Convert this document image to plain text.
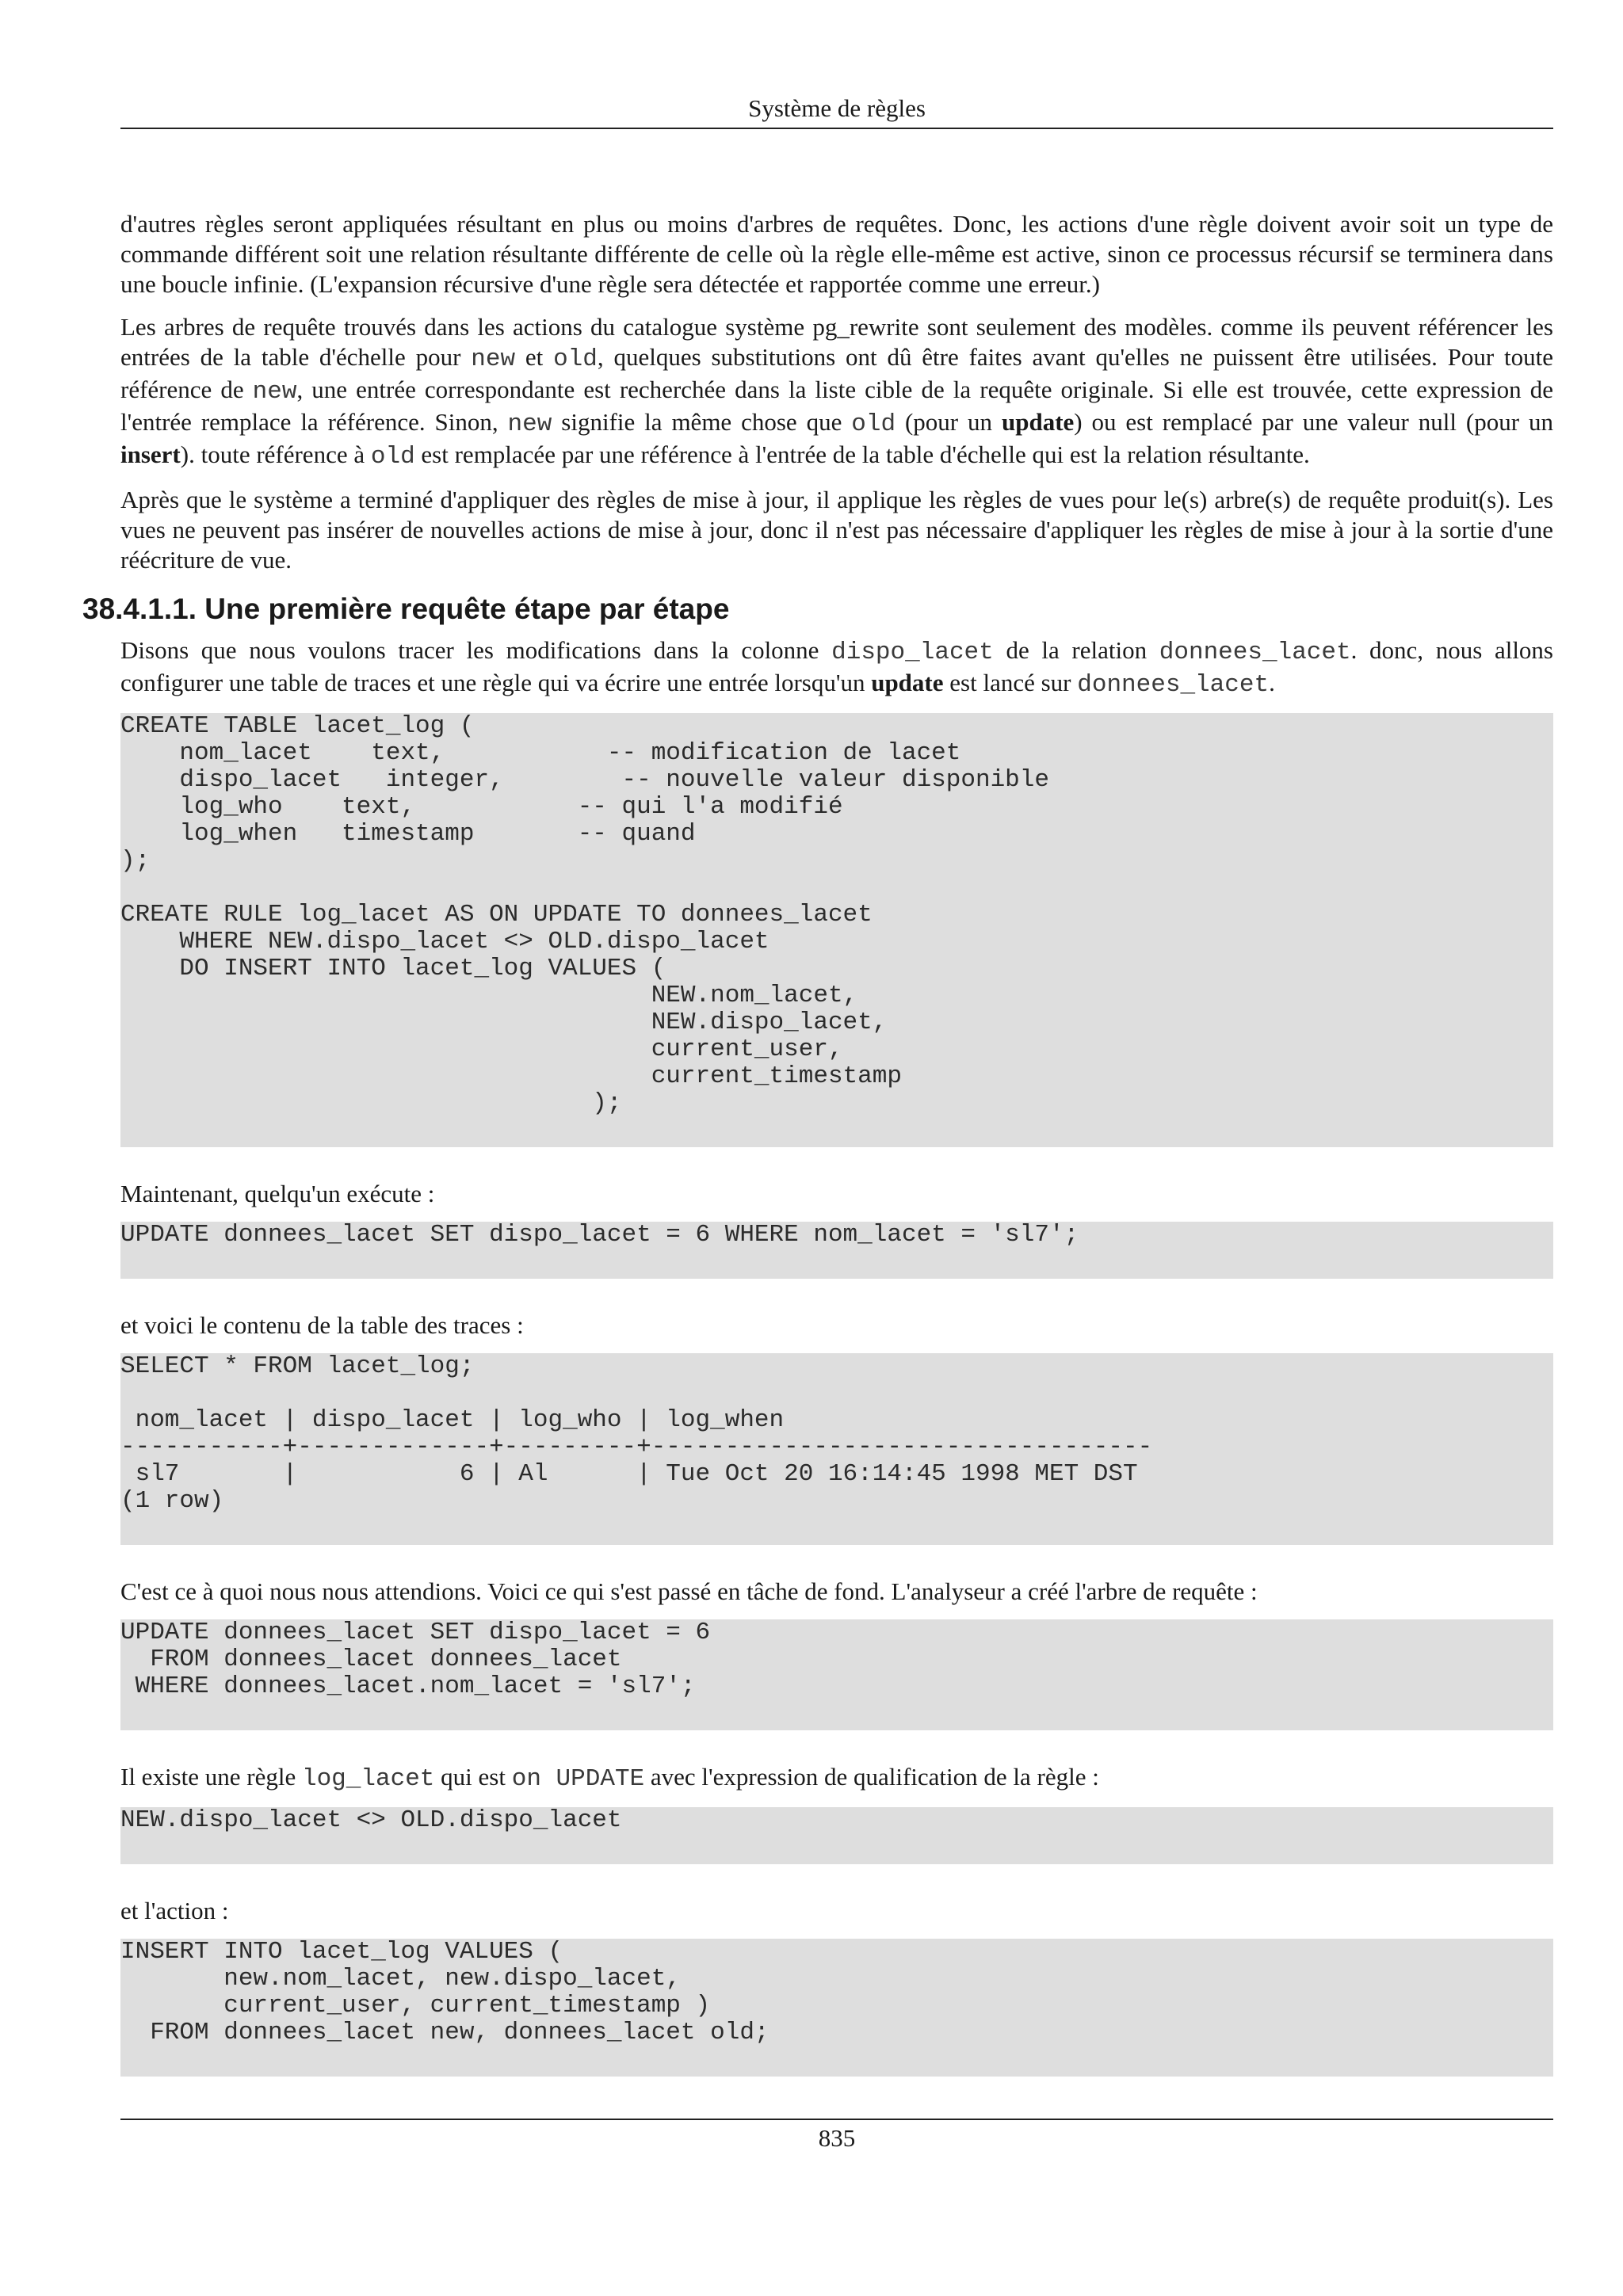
Système de règles

d'autres règles seront appliquées résultant en plus ou moins d'arbres de requêtes. Donc, les actions d'une règle doivent avoir soit un type de commande différent soit une relation résultante différente de celle où la règle elle-même est active, sinon ce processus récursif se terminera dans une boucle infinie. (L'expansion récursive d'une règle sera détectée et rapportée comme une erreur.)

Les arbres de requête trouvés dans les actions du catalogue système pg_rewrite sont seulement des modèles. comme ils peuvent référencer les entrées de la table d'échelle pour new et old, quelques substitutions ont dû être faites avant qu'elles ne puissent être utilisées. Pour toute référence de new, une entrée correspondante est recherchée dans la liste cible de la requête originale. Si elle est trouvée, cette expression de l'entrée remplace la référence. Sinon, new signifie la même chose que old (pour un update) ou est remplacé par une valeur null (pour un insert). toute référence à old est remplacée par une référence à l'entrée de la table d'échelle qui est la relation résultante.

Après que le système a terminé d'appliquer des règles de mise à jour, il applique les règles de vues pour le(s) arbre(s) de requête produit(s). Les vues ne peuvent pas insérer de nouvelles actions de mise à jour, donc il n'est pas nécessaire d'appliquer les règles de mise à jour à la sortie d'une réécriture de vue.

38.4.1.1. Une première requête étape par étape

Disons que nous voulons tracer les modifications dans la colonne dispo_lacet de la relation donnees_lacet. donc, nous allons configurer une table de traces et une règle qui va écrire une entrée lorsqu'un update est lancé sur donnees_lacet.

CREATE TABLE lacet_log (
nom_lacet    text,           -- modification de lacet
dispo_lacet   integer,        -- nouvelle valeur disponible
log_who    text,           -- qui l'a modifié
log_when   timestamp       -- quand
);

CREATE RULE log_lacet AS ON UPDATE TO donnees_lacet
WHERE NEW.dispo_lacet <> OLD.dispo_lacet
DO INSERT INTO lacet_log VALUES (
NEW.nom_lacet,
NEW.dispo_lacet,
current_user,
current_timestamp
);

Maintenant, quelqu'un exécute :

UPDATE donnees_lacet SET dispo_lacet = 6 WHERE nom_lacet = 'sl7';

et voici le contenu de la table des traces :

SELECT * FROM lacet_log;

nom_lacet | dispo_lacet | log_who | log_when
-----------+-------------+---------+----------------------------------
sl7       |           6 | Al      | Tue Oct 20 16:14:45 1998 MET DST
(1 row)

C'est ce à quoi nous nous attendions. Voici ce qui s'est passé en tâche de fond. L'analyseur a créé l'arbre de requête :

UPDATE donnees_lacet SET dispo_lacet = 6
FROM donnees_lacet donnees_lacet
WHERE donnees_lacet.nom_lacet = 'sl7';

Il existe une règle log_lacet qui est on UPDATE avec l'expression de qualification de la règle :

NEW.dispo_lacet <> OLD.dispo_lacet

et l'action :

INSERT INTO lacet_log VALUES (
new.nom_lacet, new.dispo_lacet,
current_user, current_timestamp )
FROM donnees_lacet new, donnees_lacet old;
835
